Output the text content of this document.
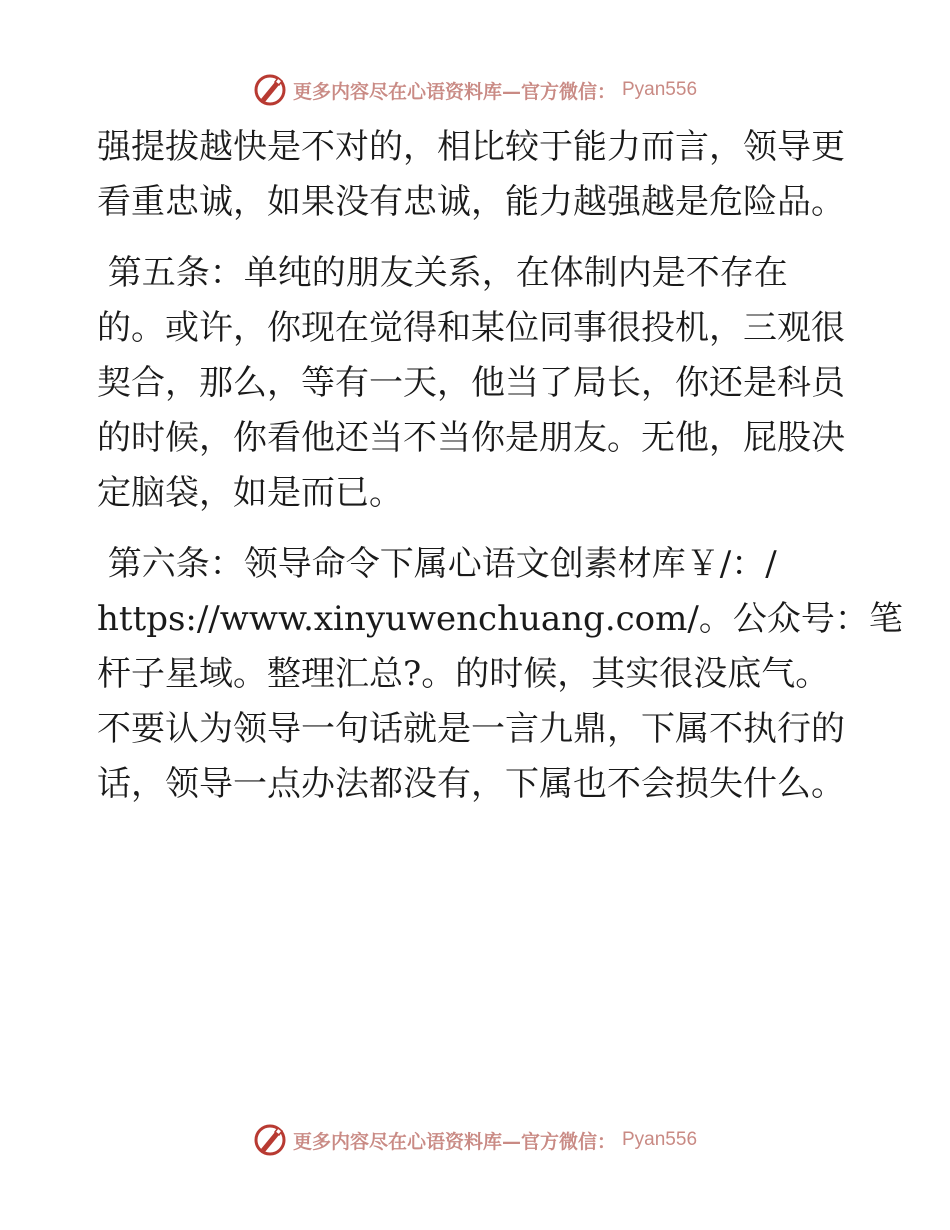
更多内容尽在心语资料库—官方微信： Pyan556

强提拔越快是不对的，相比较于能力而言，领导更
看重忠诚，如果没有忠诚，能力越强越是危险品。

第五条：单纯的朋友关系，在体制内是不存在
的。或许，你现在觉得和某位同事很投机，三观很
契合，那么，等有一天，他当了局长，你还是科员
的时候，你看他还当不当你是朋友。无他，屁股决
定脑袋，如是而已。

第六条：领导命令下属心语文创素材库￥/：/
https://www.xinyuwenchuang.com/。公众号：笔
杆子星域。整理汇总?。的时候，其实很没底气。
不要认为领导一句话就是一言九鼎，下属不执行的
话，领导一点办法都没有，下属也不会损失什么。

更多内容尽在心语资料库—官方微信： Pyan556
